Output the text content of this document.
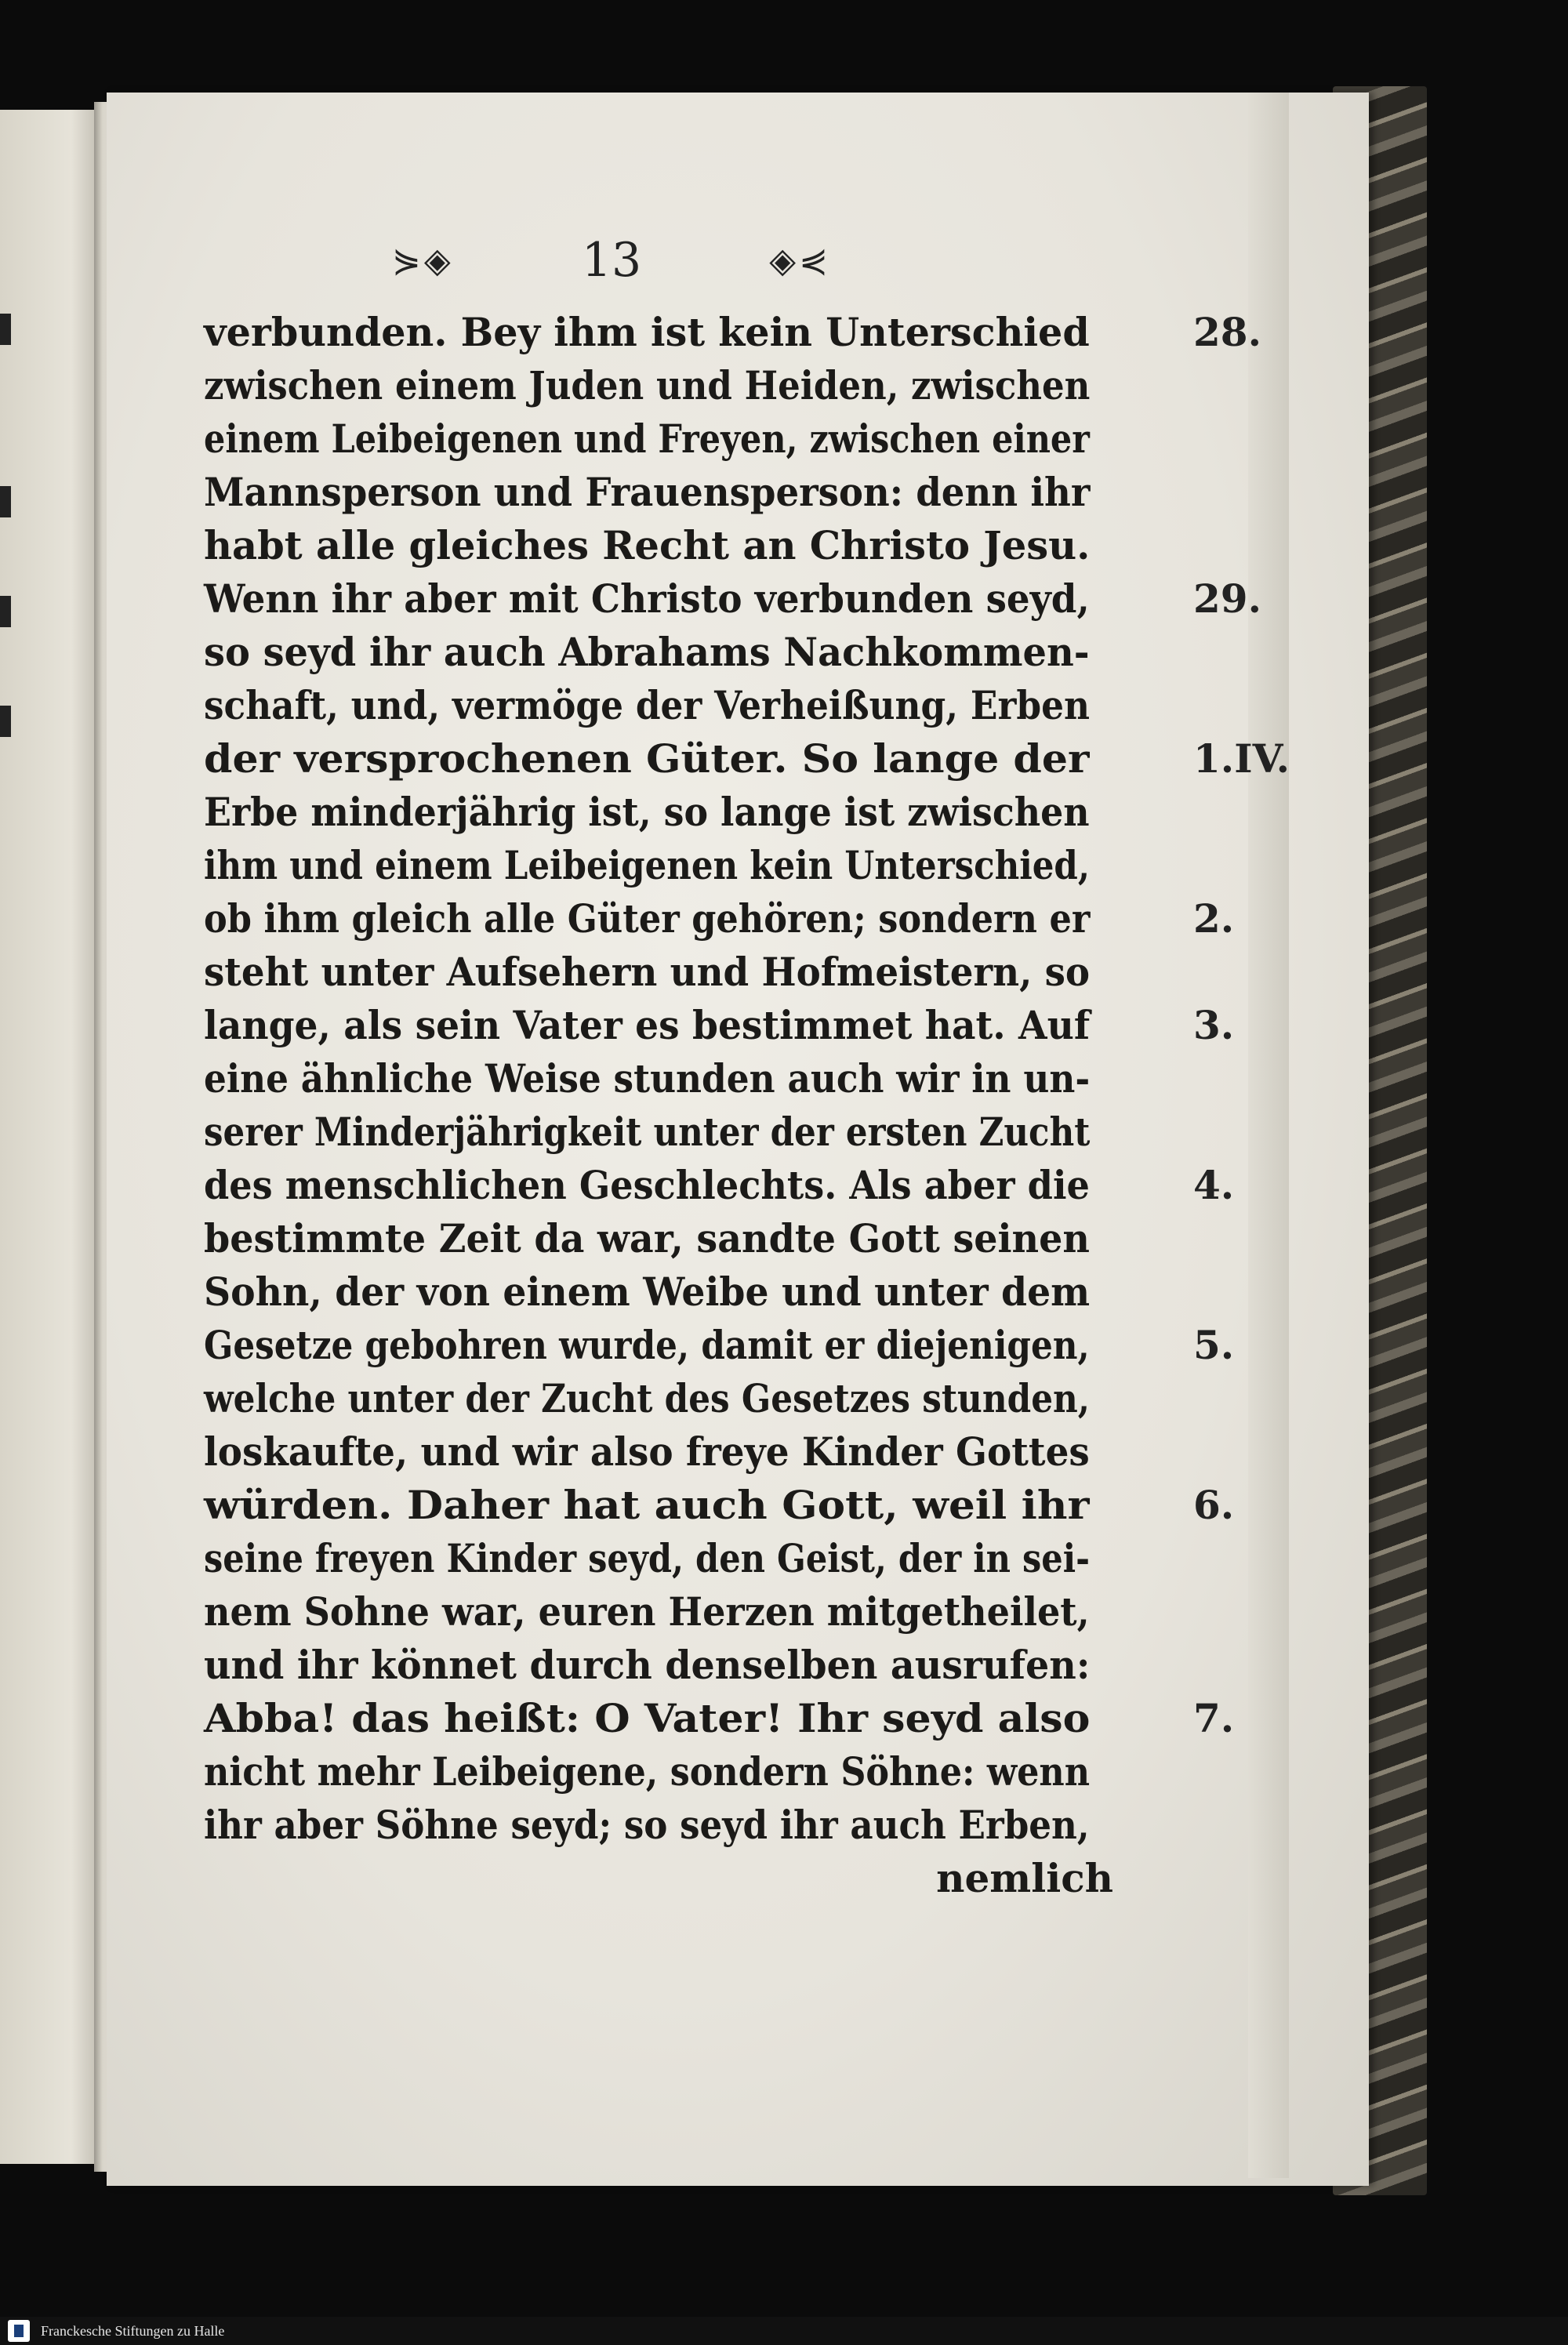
⋟◈	13	◈⋞
verbunden. Bey ihm ist kein Unterschied
zwischen einem Juden und Heiden, zwischen
einem Leibeigenen und Freyen, zwischen einer
Mannsperson und Frauensperson: denn ihr
habt alle gleiches Recht an Christo Jesu.
Wenn ihr aber mit Christo verbunden seyd,
so seyd ihr auch Abrahams Nachkommen-
schaft, und, vermöge der Verheißung, Erben
der versprochenen Güter. So lange der
Erbe minderjährig ist, so lange ist zwischen
ihm und einem Leibeigenen kein Unterschied,
ob ihm gleich alle Güter gehören; sondern er
steht unter Aufsehern und Hofmeistern, so
lange, als sein Vater es bestimmet hat. Auf
eine ähnliche Weise stunden auch wir in un-
serer Minderjährigkeit unter der ersten Zucht
des menschlichen Geschlechts. Als aber die
bestimmte Zeit da war, sandte Gott seinen
Sohn, der von einem Weibe und unter dem
Gesetze gebohren wurde, damit er diejenigen,
welche unter der Zucht des Gesetzes stunden,
loskaufte, und wir also freye Kinder Gottes
würden. Daher hat auch Gott, weil ihr
seine freyen Kinder seyd, den Geist, der in sei-
nem Sohne war, euren Herzen mitgetheilet,
und ihr könnet durch denselben ausrufen:
Abba! das heißt: O Vater! Ihr seyd also
nicht mehr Leibeigene, sondern Söhne: wenn
ihr aber Söhne seyd; so seyd ihr auch Erben,
28.
29.
1.IV.
2.
3.
4.
5.
6.
7.
nemlich
Franckesche Stiftungen zu Halle
